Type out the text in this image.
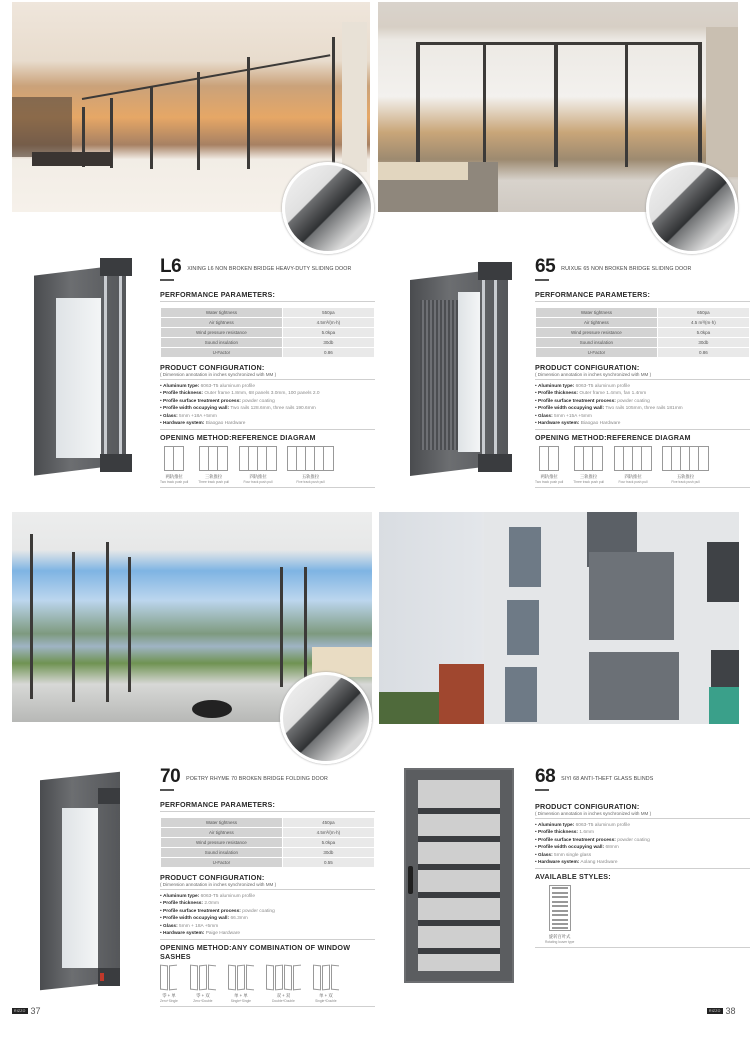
L6 XINING L6 NON BROKEN BRIDGE HEAVY-DUTY SLIDING DOOR
PERFORMANCE PARAMETERS:
Water tightness	550pa
Air tightness	4.5m³/(m·h)
Wind pressure resistance	5.0kpa
Sound insulation	30db
U-Factor	0.86
PRODUCT CONFIGURATION:
( Dimension annotation in inches synchronized with MM )
• Aluminum type: 6063-T5 aluminum profile
• Profile thickness: Outer frame 1.8mm, 68 panels 3.0mm, 100 panels 2.0
• Profile surface treatment process: powder coating
• Profile width occupying wall: Two rails 128.6mm, three rails 190.6mm
• Glass: 5mm +18A +5mm
• Hardware system: Biaogao Hardware
OPENING METHOD:REFERENCE DIAGRAM
两轨推拉
Two track push pull
三轨推拉
Three track push pull
四轨推拉
Four track push pull
五轨推拉
Five track push pull
65 RUIXUE 65 NON BROKEN BRIDGE SLIDING DOOR
PERFORMANCE PARAMETERS:
Water tightness	650pa
Air tightness	4.5 m³/(m·h)
Wind pressure resistance	5.0kpa
Sound insulation	30db
U-Factor	0.86
PRODUCT CONFIGURATION:
( Dimension annotation in inches synchronized with MM )
• Aluminum type: 6063-T5 aluminum profile
• Profile thickness: Outer frame 1.4mm, fan 1.4mm
• Profile surface treatment process: powder coating
• Profile width occupying wall: Two rails 105mm, three rails 181mm
• Glass: 5mm +15A +5mm
• Hardware system: Biaogao Hardware
OPENING METHOD:REFERENCE DIAGRAM
两轨推拉
Two track push pull
三轨推拉
Three track push pull
四轨推拉
Four track push pull
五轨推拉
Five track push pull
70 POETRY RHYME 70 BROKEN BRIDGE FOLDING DOOR
PERFORMANCE PARAMETERS:
Water tightness	450pa
Air tightness	4.5m³/(m·h)
Wind pressure resistance	5.0kpa
Sound insulation	30db
U-Factor	0.55
PRODUCT CONFIGURATION:
( Dimension annotation in inches synchronized with MM )
• Aluminum type: 6063-T5 aluminum profile
• Profile thickness: 2.0mm
• Profile surface treatment process: powder coating
• Profile width occupying wall: 66.3mm
• Glass: 5mm + 18A +5mm
• Hardware system: Paige Hardware
OPENING METHOD:ANY COMBINATION OF WINDOW SASHES
零 + 单
Zero+Single
零 + 双
Zero+Double
单 + 单
Single+Single
双 + 双
Double+Double
单 + 双
Single+Double
68 SIYI 68 ANTI-THEFT GLASS BLINDS
PRODUCT CONFIGURATION:
( Dimension annotation in inches synchronized with MM )
• Aluminum type: 6063-T5 aluminum profile
• Profile thickness: 1.6mm
• Profile surface treatment process: powder coating
• Profile width occupying wall: 68mm
• Glass: 5mm single glass
• Hardware system: Aolang Hardware
AVAILABLE STYLES:
旋转百叶式
Rotating louver type
RIZZO 37	RIZZO 38
